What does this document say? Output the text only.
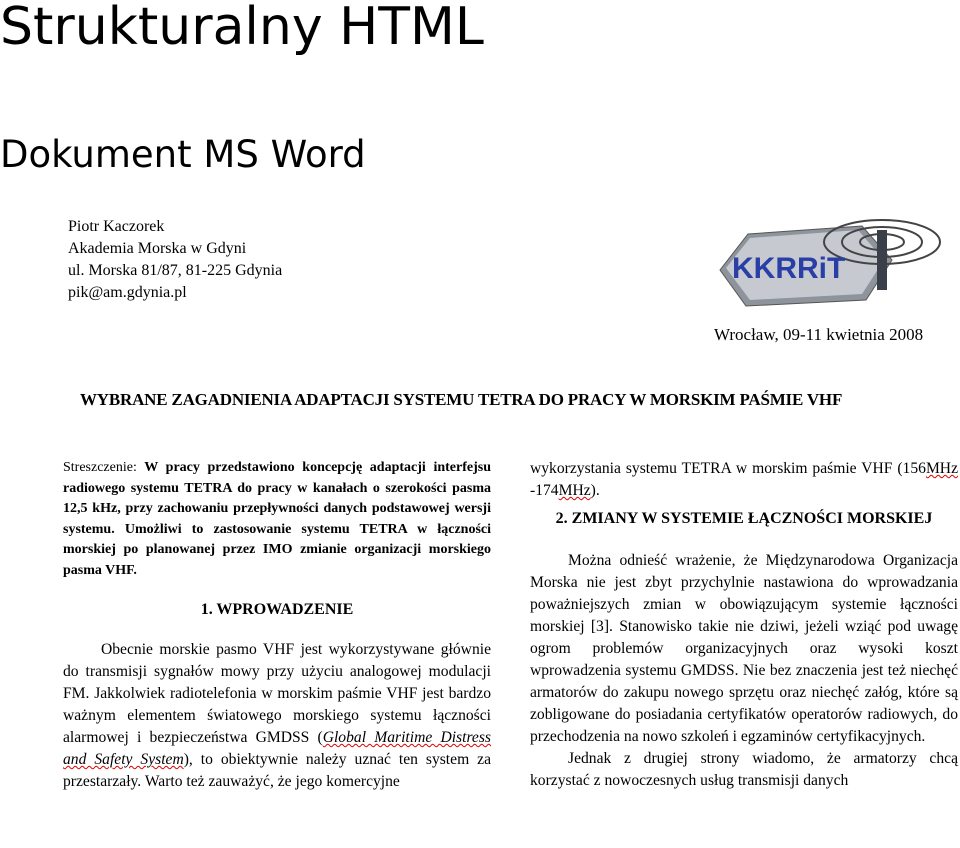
Strukturalny HTML
Dokument MS Word
Piotr Kaczorek
Akademia Morska w Gdyni
ul. Morska 81/87, 81-225 Gdynia
pik@am.gdynia.pl
KKRRiT
Wrocław, 09-11 kwietnia 2008
WYBRANE ZAGADNIENIA ADAPTACJI SYSTEMU TETRA DO PRACY W MORSKIM PAŚMIE VHF

Streszczenie: W pracy przedstawiono koncepcję adaptacji interfejsu radiowego systemu TETRA do pracy w kanałach o szerokości pasma 12,5 kHz, przy zachowaniu przepływności danych podstawowej wersji systemu. Umożliwi to zastosowanie systemu TETRA w łączności morskiej po planowanej przez IMO zmianie organizacji morskiego pasma VHF.

1. WPROWADZENIE

Obecnie morskie pasmo VHF jest wykorzystywane głównie do transmisji sygnałów mowy przy użyciu analogowej modulacji FM. Jakkolwiek radiotelefonia w morskim paśmie VHF jest bardzo ważnym elementem światowego morskiego systemu łączności alarmowej i bezpieczeństwa GMDSS (Global Maritime Distress and Safety System), to obiektywnie należy uznać ten system za przestarzały. Warto też zauważyć, że jego komercyjne

wykorzystania systemu TETRA w morskim paśmie VHF (156MHz -174MHz).

2. ZMIANY W SYSTEMIE ŁĄCZNOŚCI MORSKIEJ

Można odnieść wrażenie, że Międzynarodowa Organizacja Morska nie jest zbyt przychylnie nastawiona do wprowadzania poważniejszych zmian w obowiązującym systemie łączności morskiej [3]. Stanowisko takie nie dziwi, jeżeli wziąć pod uwagę ogrom problemów organizacyjnych oraz wysoki koszt wprowadzenia systemu GMDSS. Nie bez znaczenia jest też niechęć armatorów do zakupu nowego sprzętu oraz niechęć załóg, które są zobligowane do posiadania certyfikatów operatorów radiowych, do przechodzenia na nowo szkoleń i egzaminów certyfikacyjnych.

Jednak z drugiej strony wiadomo, że armatorzy chcą korzystać z nowoczesnych usług transmisji danych
